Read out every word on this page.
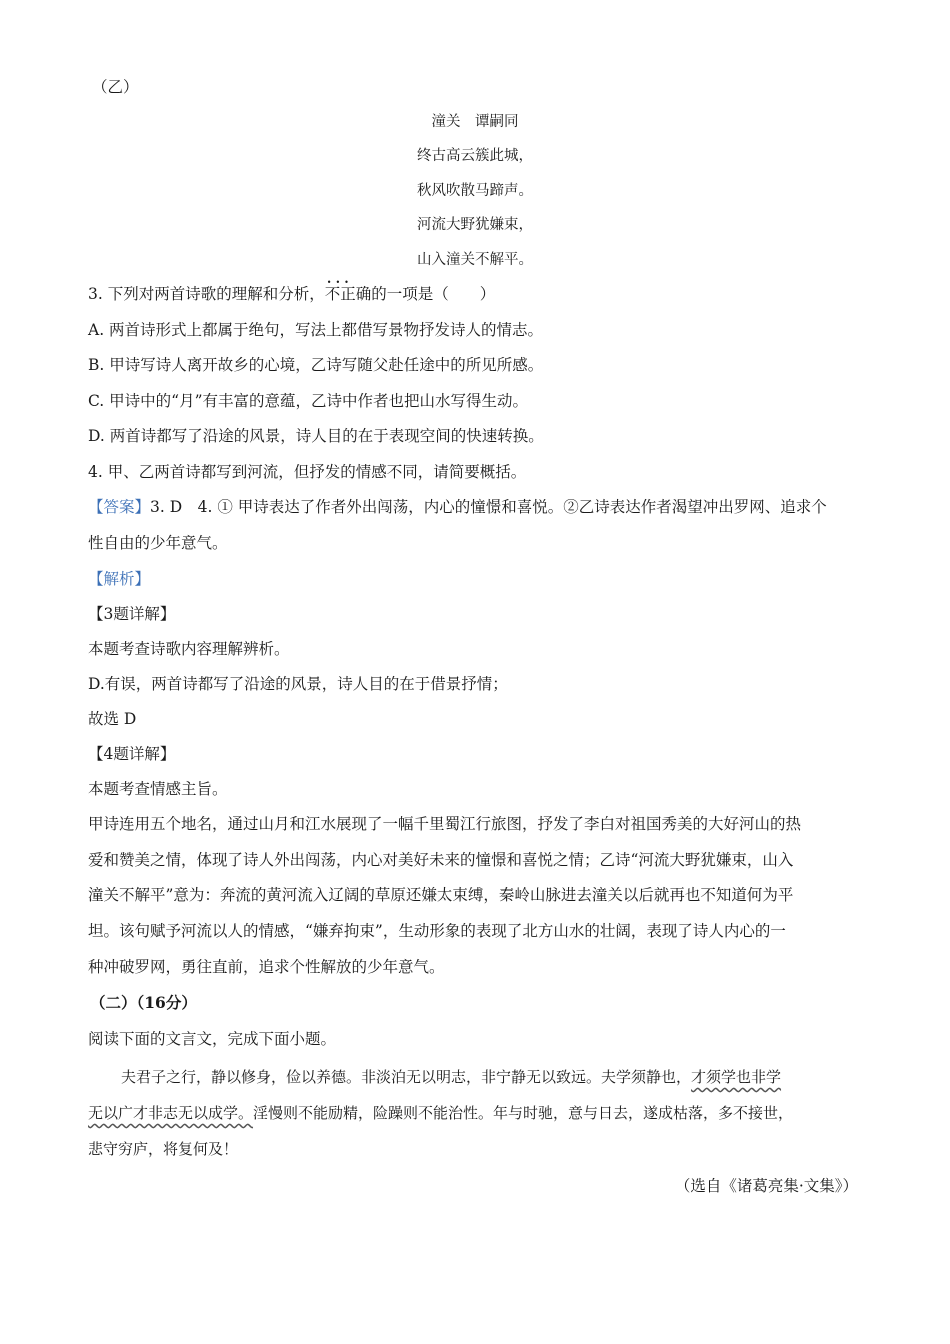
（乙）
潼关　谭嗣同
终古高云簇此城，
秋风吹散马蹄声。
河流大野犹嫌束，
山入潼关不解平。
3. 下列对两首诗歌的理解和分析，••• 不正确的一项是（　　）
A. 两首诗形式上都属于绝句，写法上都借写景物抒发诗人的情志。
B. 甲诗写诗人离开故乡的心境，乙诗写随父赴任途中的所见所感。
C. 甲诗中的“月”有丰富的意蕴，乙诗中作者也把山水写得生动。
D. 两首诗都写了沿途的风景，诗人目的在于表现空间的快速转换。
4. 甲、乙两首诗都写到河流，但抒发的情感不同，请简要概括。
【答案】3. D　4. ① 甲诗表达了作者外出闯荡，内心的憧憬和喜悦。②乙诗表达作者渴望冲出罗网、追求个
性自由的少年意气。
【解析】
【3题详解】
本题考查诗歌内容理解辨析。
D.有误，两首诗都写了沿途的风景，诗人目的在于借景抒情；
故选 D
【4题详解】
本题考查情感主旨。
甲诗连用五个地名，通过山月和江水展现了一幅千里蜀江行旅图，抒发了李白对祖国秀美的大好河山的热
爱和赞美之情，体现了诗人外出闯荡，内心对美好未来的憧憬和喜悦之情；乙诗“河流大野犹嫌束，山入
潼关不解平”意为：奔流的黄河流入辽阔的草原还嫌太束缚，秦岭山脉进去潼关以后就再也不知道何为平
坦。该句赋予河流以人的情感，“嫌弃拘束”，生动形象的表现了北方山水的壮阔，表现了诗人内心的一
种冲破罗网，勇往直前，追求个性解放的少年意气。
（二）（16分）
阅读下面的文言文，完成下面小题。
夫君子之行，静以修身，俭以养德。非淡泊无以明志，非宁静无以致远。夫学须静也，才须学也非学
无以广才非志无以成学。淫慢则不能励精，险躁则不能治性。年与时驰，意与日去，遂成枯落，多不接世，
悲守穷庐，将复何及！
（选自《诸葛亮集·文集》）
